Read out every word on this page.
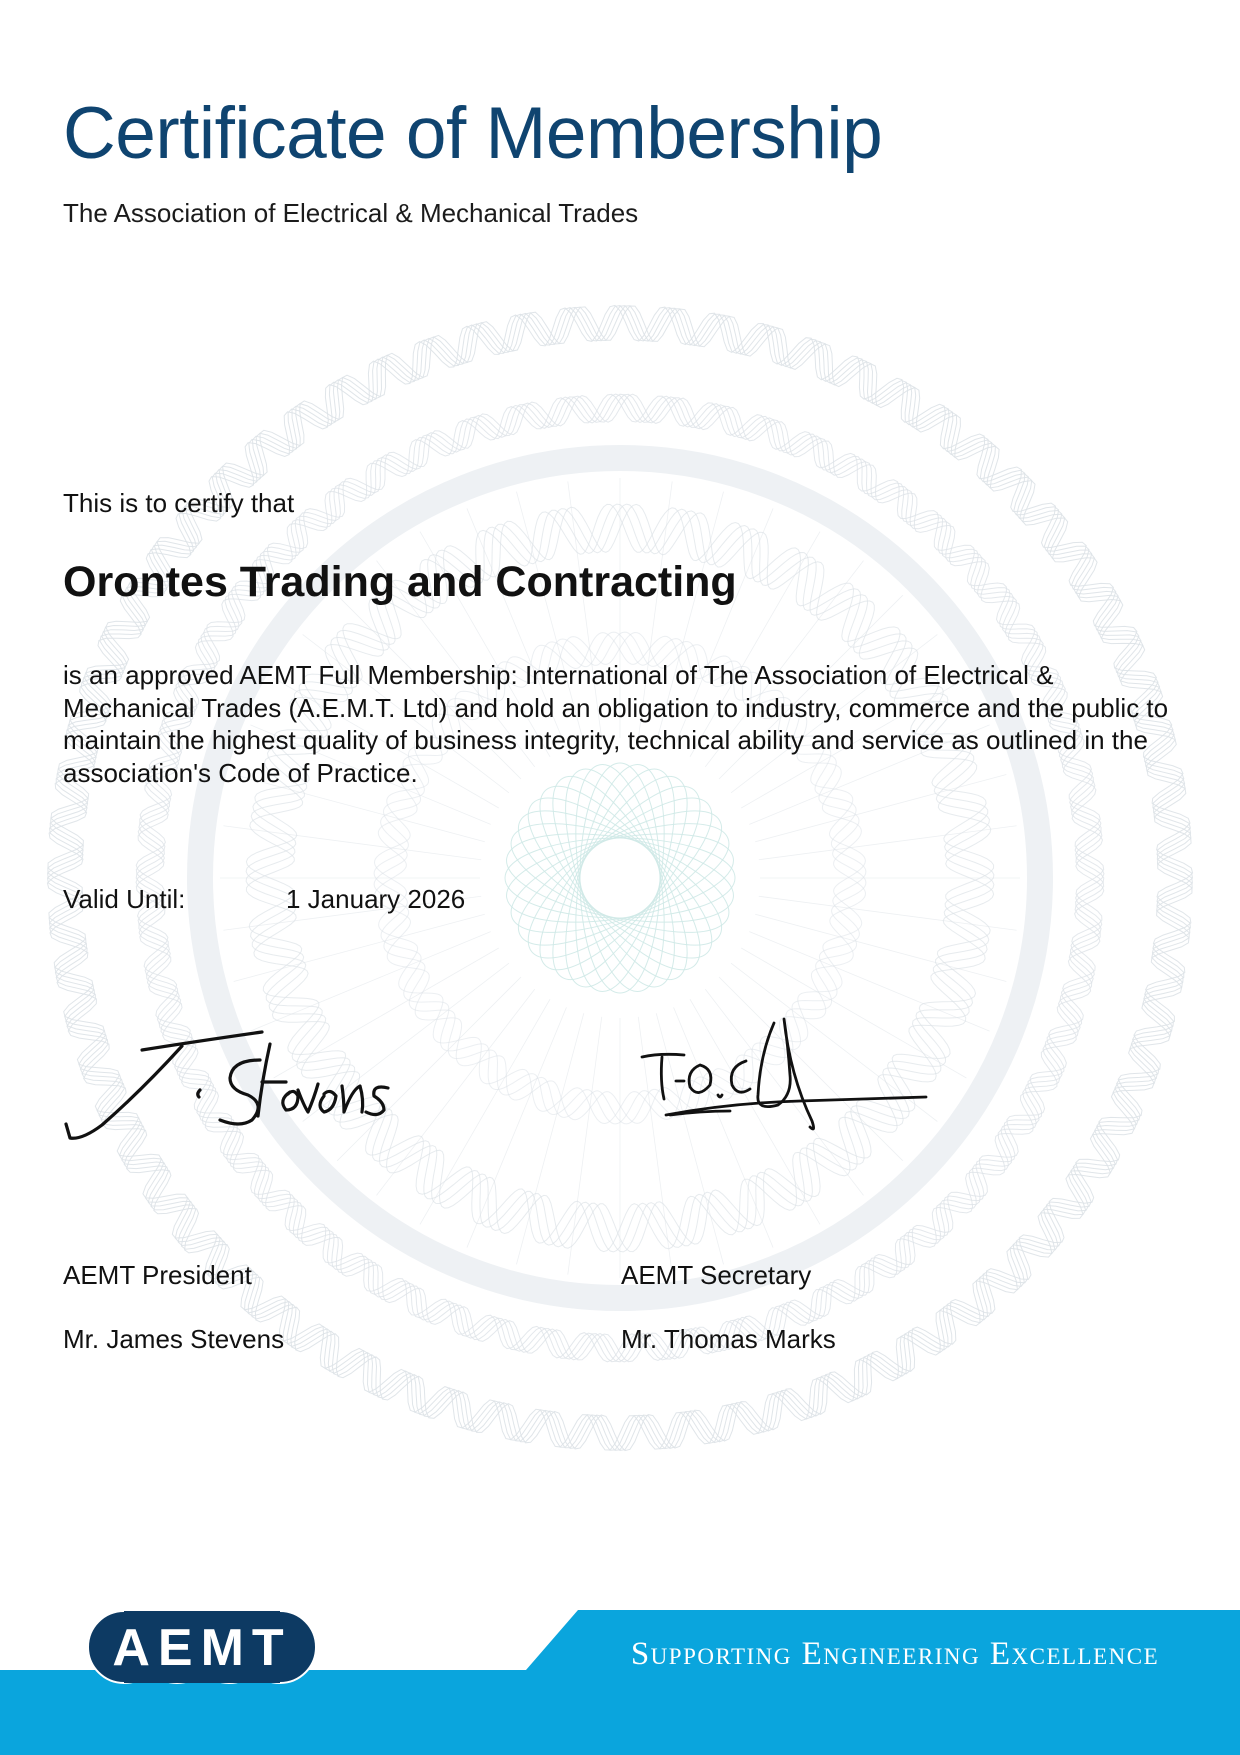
Certificate of Membership
The Association of Electrical & Mechanical Trades
This is to certify that
Orontes Trading and Contracting

is an approved AEMT Full Membership: International of The Association of Electrical & Mechanical Trades (A.E.M.T. Ltd) and hold an obligation to industry, commerce and the public to maintain the highest quality of business integrity, technical ability and service as outlined in the association's Code of Practice.

Valid Until:	1 January 2026
AEMT President
Mr. James Stevens
AEMT Secretary
Mr. Thomas Marks
Supporting Engineering Excellence
AEMT
